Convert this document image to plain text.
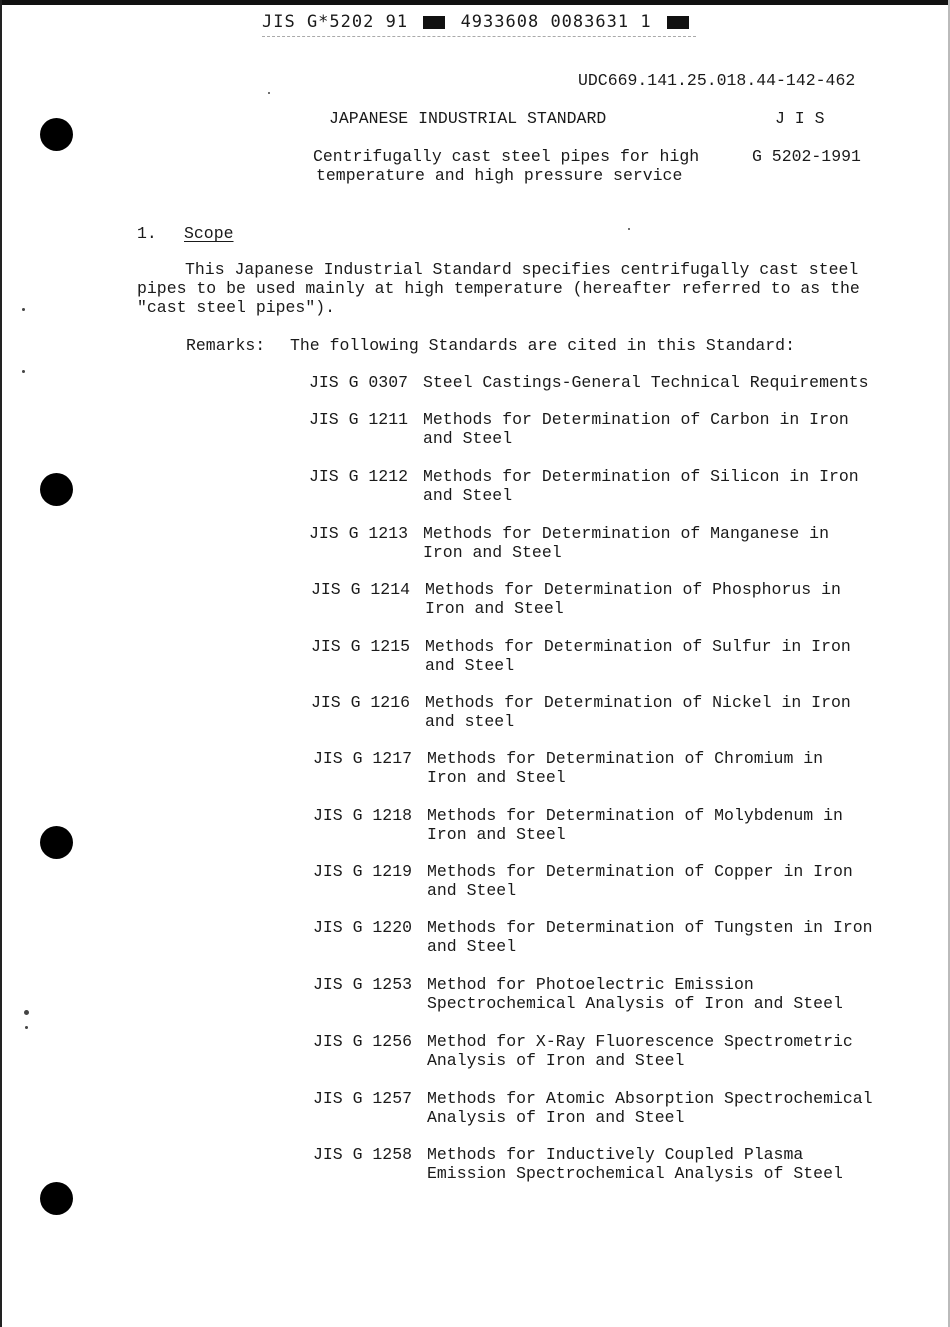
JIS G*5202 91	4933608 0083631 1
UDC669.141.25.018.44-142-462
JAPANESE INDUSTRIAL STANDARD	J I S
Centrifugally cast steel pipes for high
temperature and high pressure service
G 5202-1991
1. Scope
This Japanese Industrial Standard specifies centrifugally cast steel
pipes to be used mainly at high temperature (hereafter referred to as the
"cast steel pipes").
Remarks: The following Standards are cited in this Standard:
JIS G 0307 Steel Castings-General Technical Requirements
JIS G 1211 Methods for Determination of Carbon in Iron
and Steel
JIS G 1212 Methods for Determination of Silicon in Iron
and Steel
JIS G 1213 Methods for Determination of Manganese in
Iron and Steel
JIS G 1214 Methods for Determination of Phosphorus in
Iron and Steel
JIS G 1215 Methods for Determination of Sulfur in Iron
and Steel
JIS G 1216 Methods for Determination of Nickel in Iron
and steel
JIS G 1217 Methods for Determination of Chromium in
Iron and Steel
JIS G 1218 Methods for Determination of Molybdenum in
Iron and Steel
JIS G 1219 Methods for Determination of Copper in Iron
and Steel
JIS G 1220 Methods for Determination of Tungsten in Iron
and Steel
JIS G 1253 Method for Photoelectric Emission
Spectrochemical Analysis of Iron and Steel
JIS G 1256 Method for X-Ray Fluorescence Spectrometric
Analysis of Iron and Steel
JIS G 1257 Methods for Atomic Absorption Spectrochemical
Analysis of Iron and Steel
JIS G 1258 Methods for Inductively Coupled Plasma
Emission Spectrochemical Analysis of Steel
